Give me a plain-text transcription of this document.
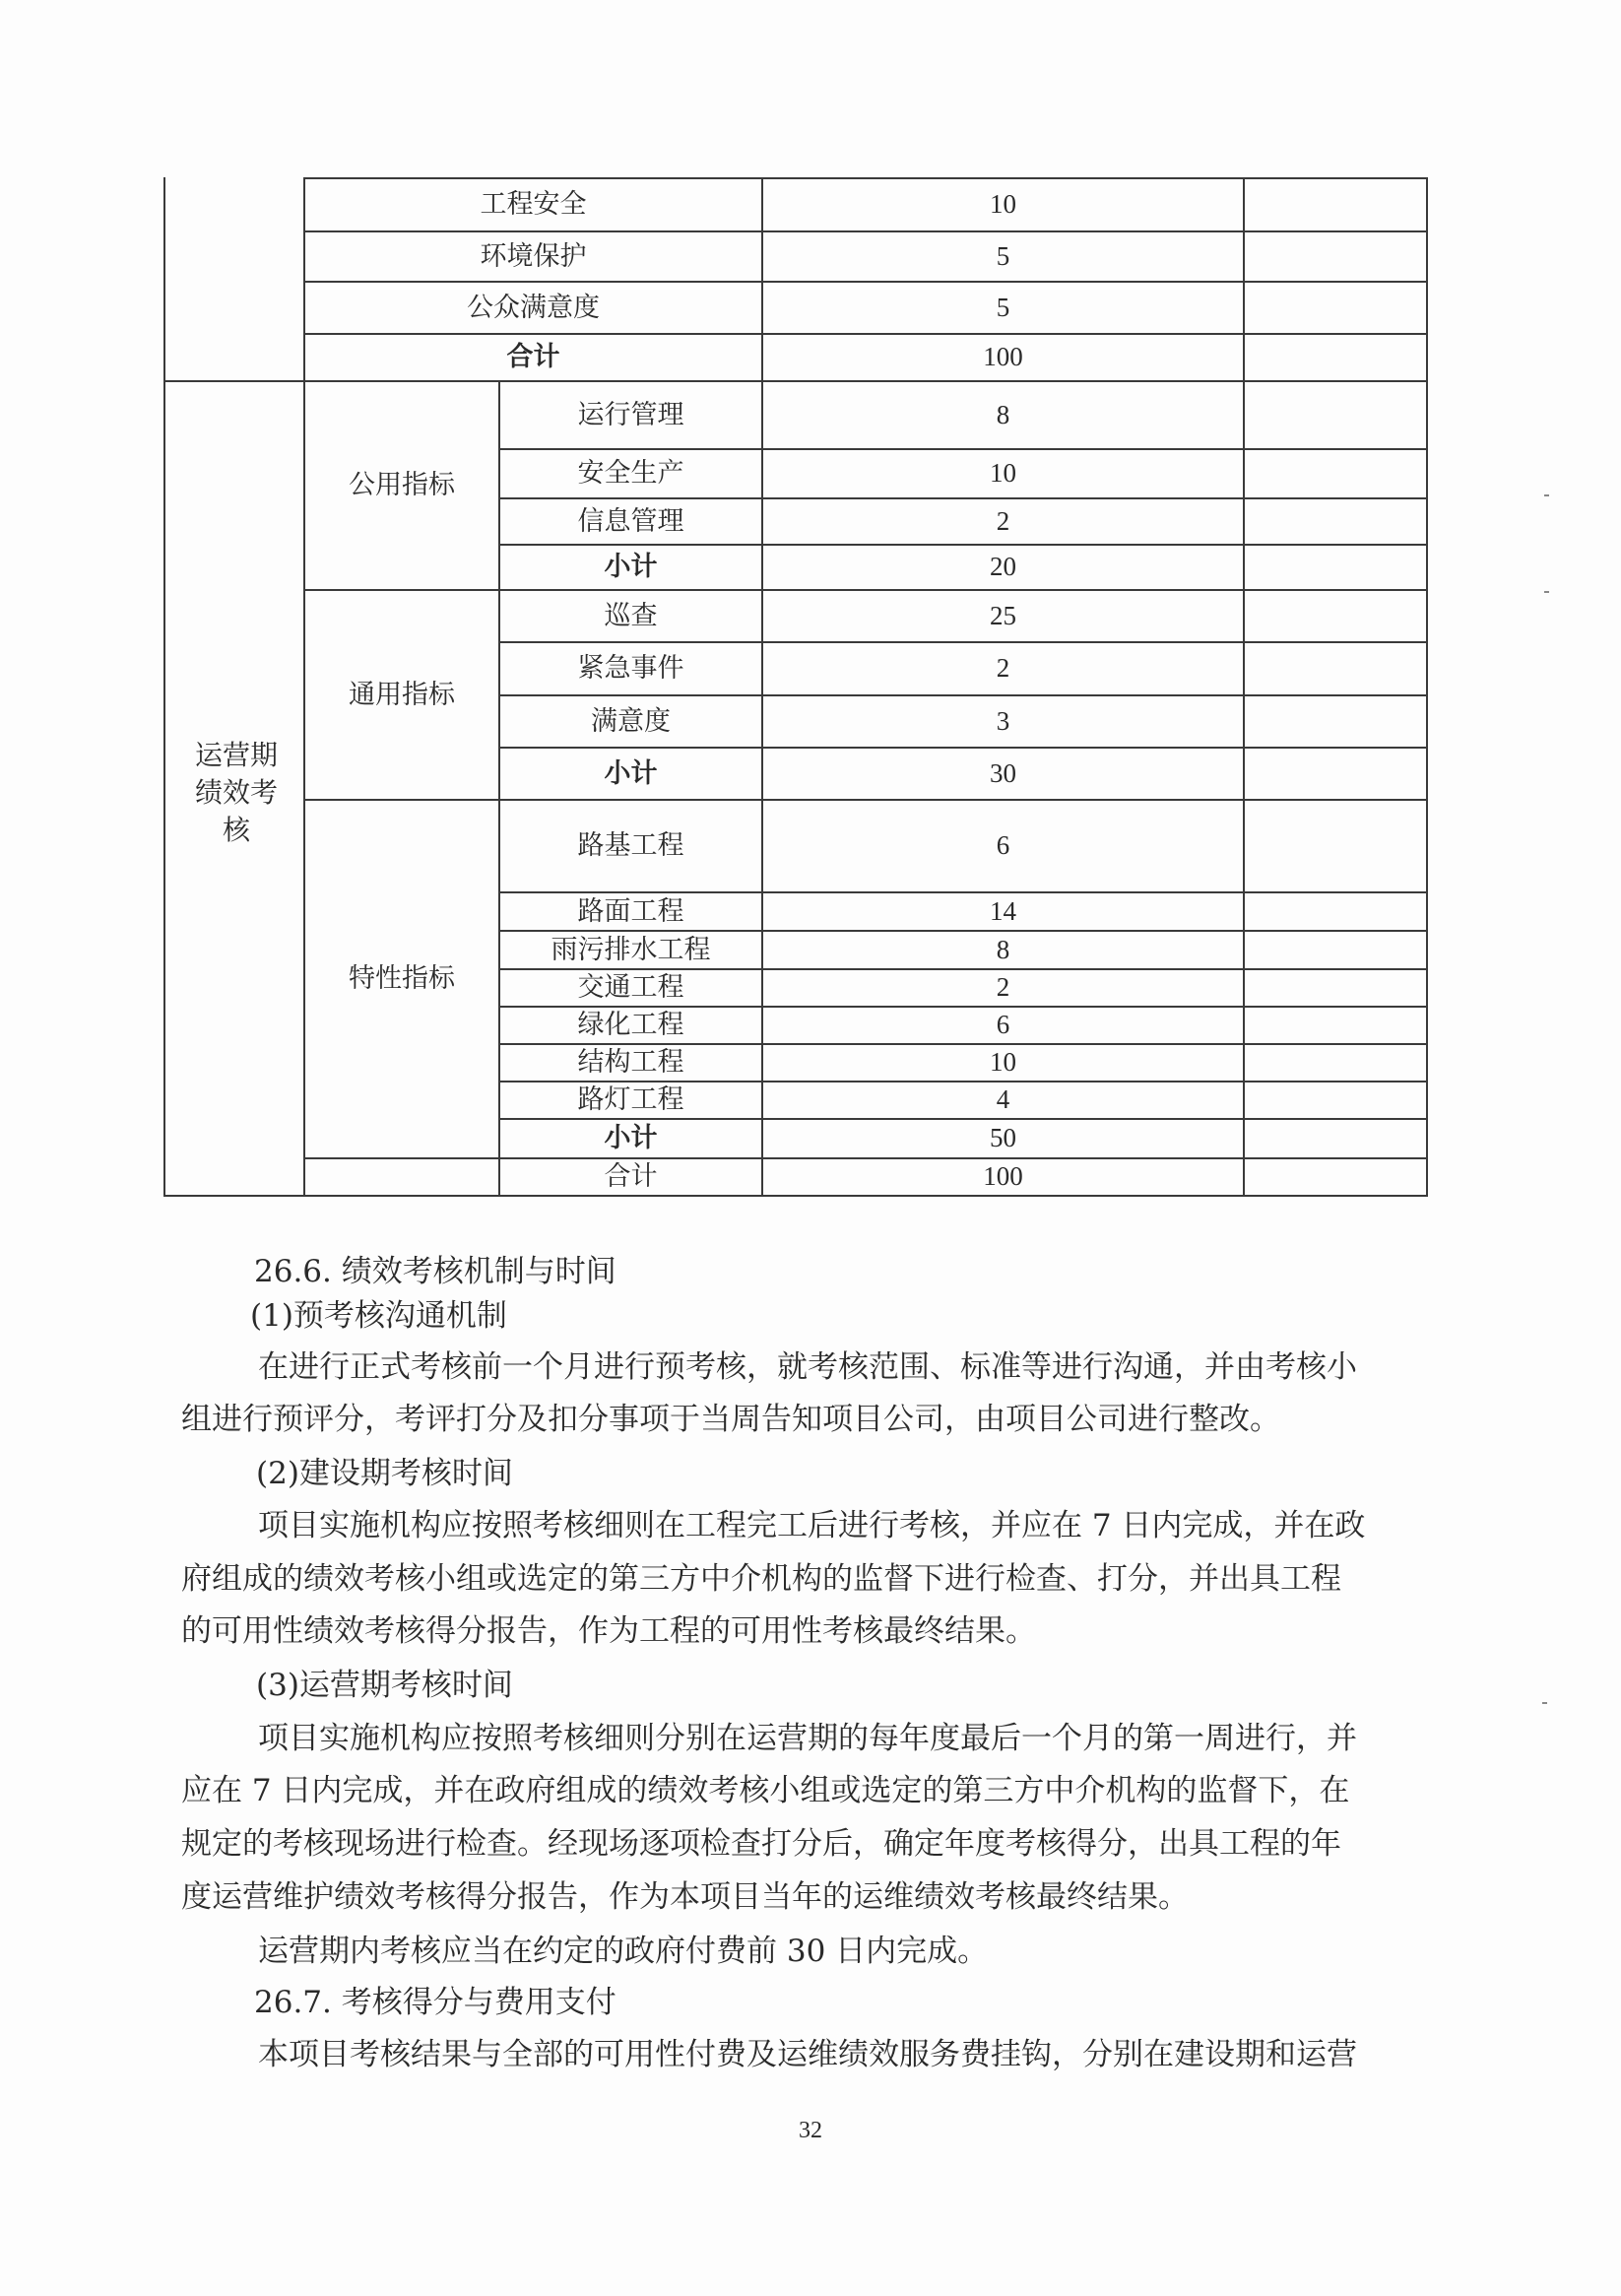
工程安全	10
环境保护	5
公众满意度	5
合计	100
运营期绩效考核
公用指标
运行管理	8
安全生产	10
信息管理	2
小计	20
通用指标
巡查	25
紧急事件	2
满意度	3
小计	30
特性指标
路基工程	6
路面工程	14
雨污排水工程	8
交通工程	2
绿化工程	6
结构工程	10
路灯工程	4
小计	50
合计	100
26.6. 绩效考核机制与时间
(1)预考核沟通机制
在进行正式考核前一个月进行预考核，就考核范围、标准等进行沟通，并由考核小
组进行预评分，考评打分及扣分事项于当周告知项目公司，由项目公司进行整改。
(2)建设期考核时间
项目实施机构应按照考核细则在工程完工后进行考核，并应在 7 日内完成，并在政
府组成的绩效考核小组或选定的第三方中介机构的监督下进行检查、打分，并出具工程
的可用性绩效考核得分报告，作为工程的可用性考核最终结果。
(3)运营期考核时间
项目实施机构应按照考核细则分别在运营期的每年度最后一个月的第一周进行，并
应在 7 日内完成，并在政府组成的绩效考核小组或选定的第三方中介机构的监督下，在
规定的考核现场进行检查。经现场逐项检查打分后，确定年度考核得分，出具工程的年
度运营维护绩效考核得分报告，作为本项目当年的运维绩效考核最终结果。
运营期内考核应当在约定的政府付费前 30 日内完成。
26.7. 考核得分与费用支付
本项目考核结果与全部的可用性付费及运维绩效服务费挂钩，分别在建设期和运营
32
